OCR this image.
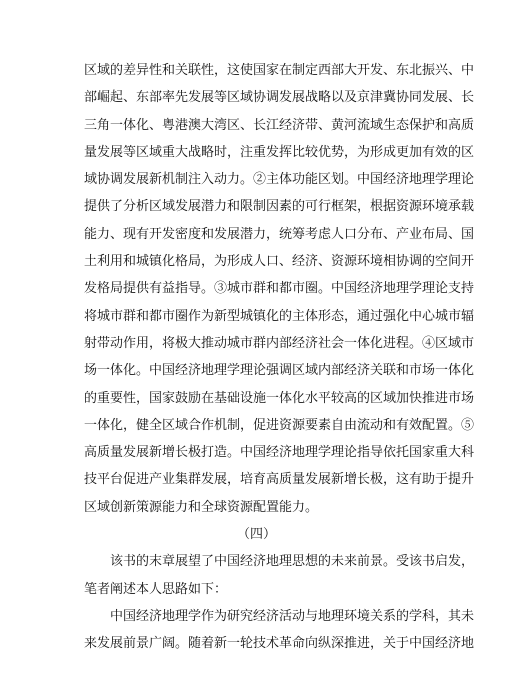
区域的差异性和关联性，这使国家在制定西部大开发、东北振兴、中
部崛起、东部率先发展等区域协调发展战略以及京津冀协同发展、长
三角一体化、粤港澳大湾区、长江经济带、黄河流域生态保护和高质
量发展等区域重大战略时，注重发挥比较优势，为形成更加有效的区
域协调发展新机制注入动力。②主体功能区划。中国经济地理学理论
提供了分析区域发展潜力和限制因素的可行框架，根据资源环境承载
能力、现有开发密度和发展潜力，统筹考虑人口分布、产业布局、国
土利用和城镇化格局，为形成人口、经济、资源环境相协调的空间开
发格局提供有益指导。③城市群和都市圈。中国经济地理学理论支持
将城市群和都市圈作为新型城镇化的主体形态，通过强化中心城市辐
射带动作用，将极大推动城市群内部经济社会一体化进程。④区域市
场一体化。中国经济地理学理论强调区域内部经济关联和市场一体化
的重要性，国家鼓励在基础设施一体化水平较高的区域加快推进市场
一体化，健全区域合作机制，促进资源要素自由流动和有效配置。⑤
高质量发展新增长极打造。中国经济地理学理论指导依托国家重大科
技平台促进产业集群发展，培育高质量发展新增长极，这有助于提升
区域创新策源能力和全球资源配置能力。
（四）
该书的末章展望了中国经济地理思想的未来前景。受该书启发，
笔者阐述本人思路如下：
中国经济地理学作为研究经济活动与地理环境关系的学科，其未
来发展前景广阔。随着新一轮技术革命向纵深推进，关于中国经济地
